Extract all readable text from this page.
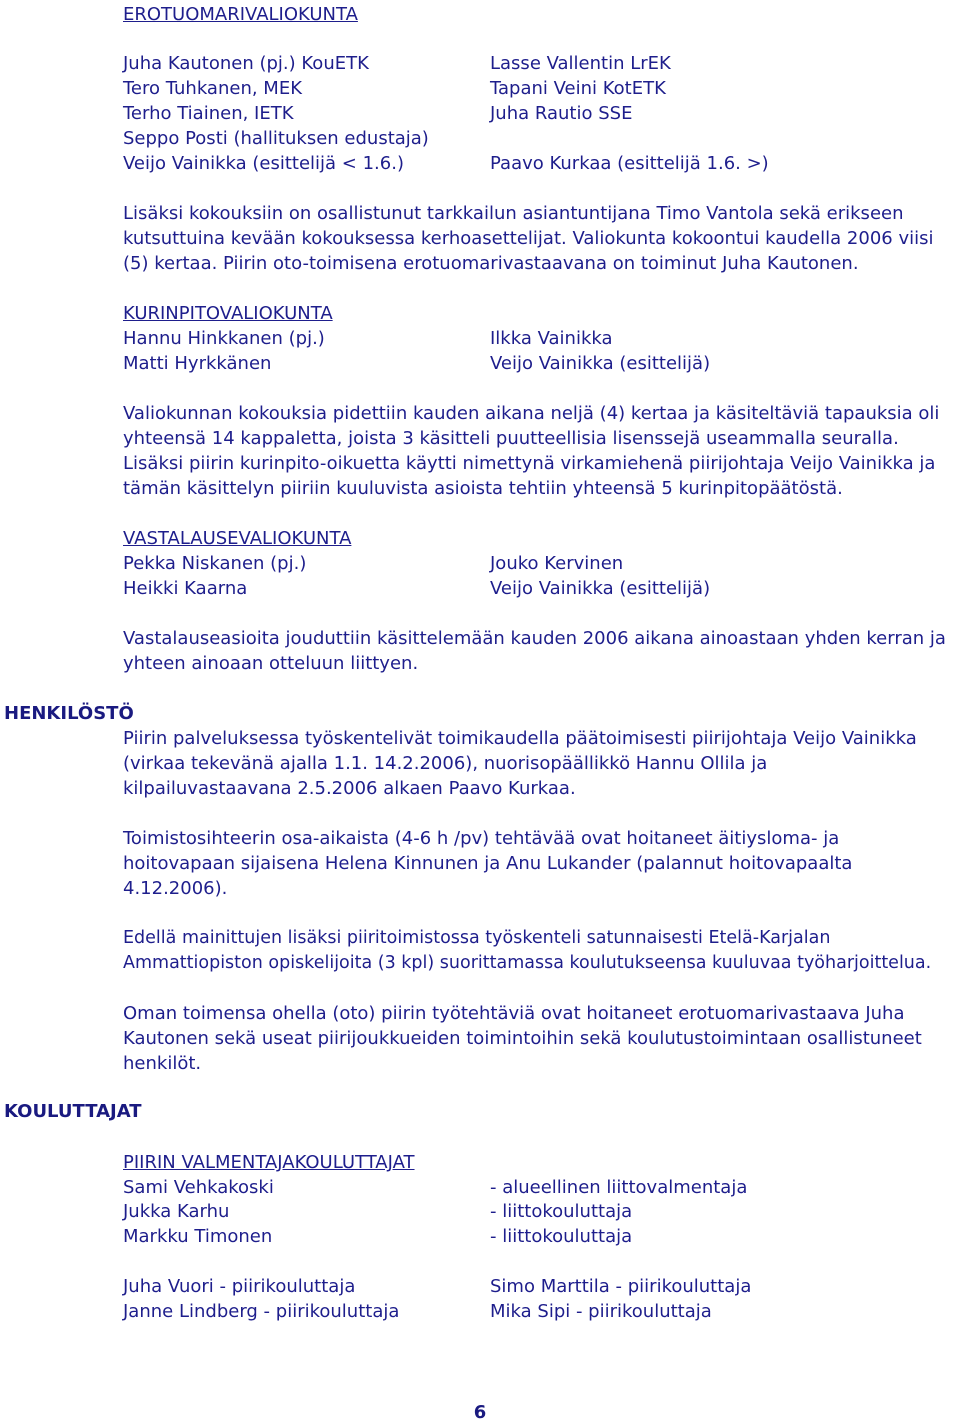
EROTUOMARIVALIOKUNTA
Juha Kautonen (pj.) KouETK
Tero Tuhkanen, MEK
Terho Tiainen, IETK
Seppo Posti (hallituksen edustaja)
Veijo Vainikka (esittelijä < 1.6.)
Lasse Vallentin LrEK
Tapani Veini KotETK
Juha Rautio SSE
Paavo Kurkaa (esittelijä 1.6. >)
Lisäksi kokouksiin on osallistunut tarkkailun asiantuntijana Timo Vantola sekä erikseen
kutsuttuina kevään kokouksessa kerhoasettelijat. Valiokunta kokoontui kaudella 2006 viisi
(5) kertaa. Piirin oto-toimisena erotuomarivastaavana on toiminut Juha Kautonen.
KURINPITOVALIOKUNTA
Hannu Hinkkanen (pj.)
Matti Hyrkkänen
Ilkka Vainikka
Veijo Vainikka (esittelijä)
Valiokunnan kokouksia pidettiin kauden aikana neljä (4) kertaa ja käsiteltäviä tapauksia oli
yhteensä 14 kappaletta, joista 3 käsitteli puutteellisia lisenssejä useammalla seuralla.
Lisäksi piirin kurinpito-oikuetta käytti nimettynä virkamiehenä piirijohtaja Veijo Vainikka ja
tämän käsittelyn piiriin kuuluvista asioista tehtiin yhteensä 5 kurinpitopäätöstä.
VASTALAUSEVALIOKUNTA
Pekka Niskanen (pj.)
Heikki Kaarna
Jouko Kervinen
Veijo Vainikka (esittelijä)
Vastalauseasioita jouduttiin käsittelemään kauden 2006 aikana ainoastaan yhden kerran ja
yhteen ainoaan otteluun liittyen.
HENKILÖSTÖ
Piirin palveluksessa työskentelivät toimikaudella päätoimisesti piirijohtaja Veijo Vainikka
(virkaa tekevänä ajalla 1.1. 14.2.2006), nuorisopäällikkö Hannu Ollila ja
kilpailuvastaavana 2.5.2006 alkaen Paavo Kurkaa.
Toimistosihteerin osa-aikaista (4-6 h /pv) tehtävää ovat hoitaneet äitiysloma- ja
hoitovapaan sijaisena Helena Kinnunen ja Anu Lukander (palannut hoitovapaalta
4.12.2006).
Edellä mainittujen lisäksi piiritoimistossa työskenteli satunnaisesti Etelä-Karjalan
Ammattiopiston opiskelijoita (3 kpl) suorittamassa koulutukseensa kuuluvaa työharjoittelua.
Oman toimensa ohella (oto) piirin työtehtäviä ovat hoitaneet erotuomarivastaava Juha
Kautonen sekä useat piirijoukkueiden toimintoihin sekä koulutustoimintaan osallistuneet
henkilöt.
KOULUTTAJAT
PIIRIN VALMENTAJAKOULUTTAJAT
Sami Vehkakoski
Jukka Karhu
Markku Timonen
- alueellinen liittovalmentaja
- liittokouluttaja
- liittokouluttaja
Juha Vuori - piirikouluttaja
Janne Lindberg - piirikouluttaja
Simo Marttila - piirikouluttaja
Mika Sipi - piirikouluttaja
6
